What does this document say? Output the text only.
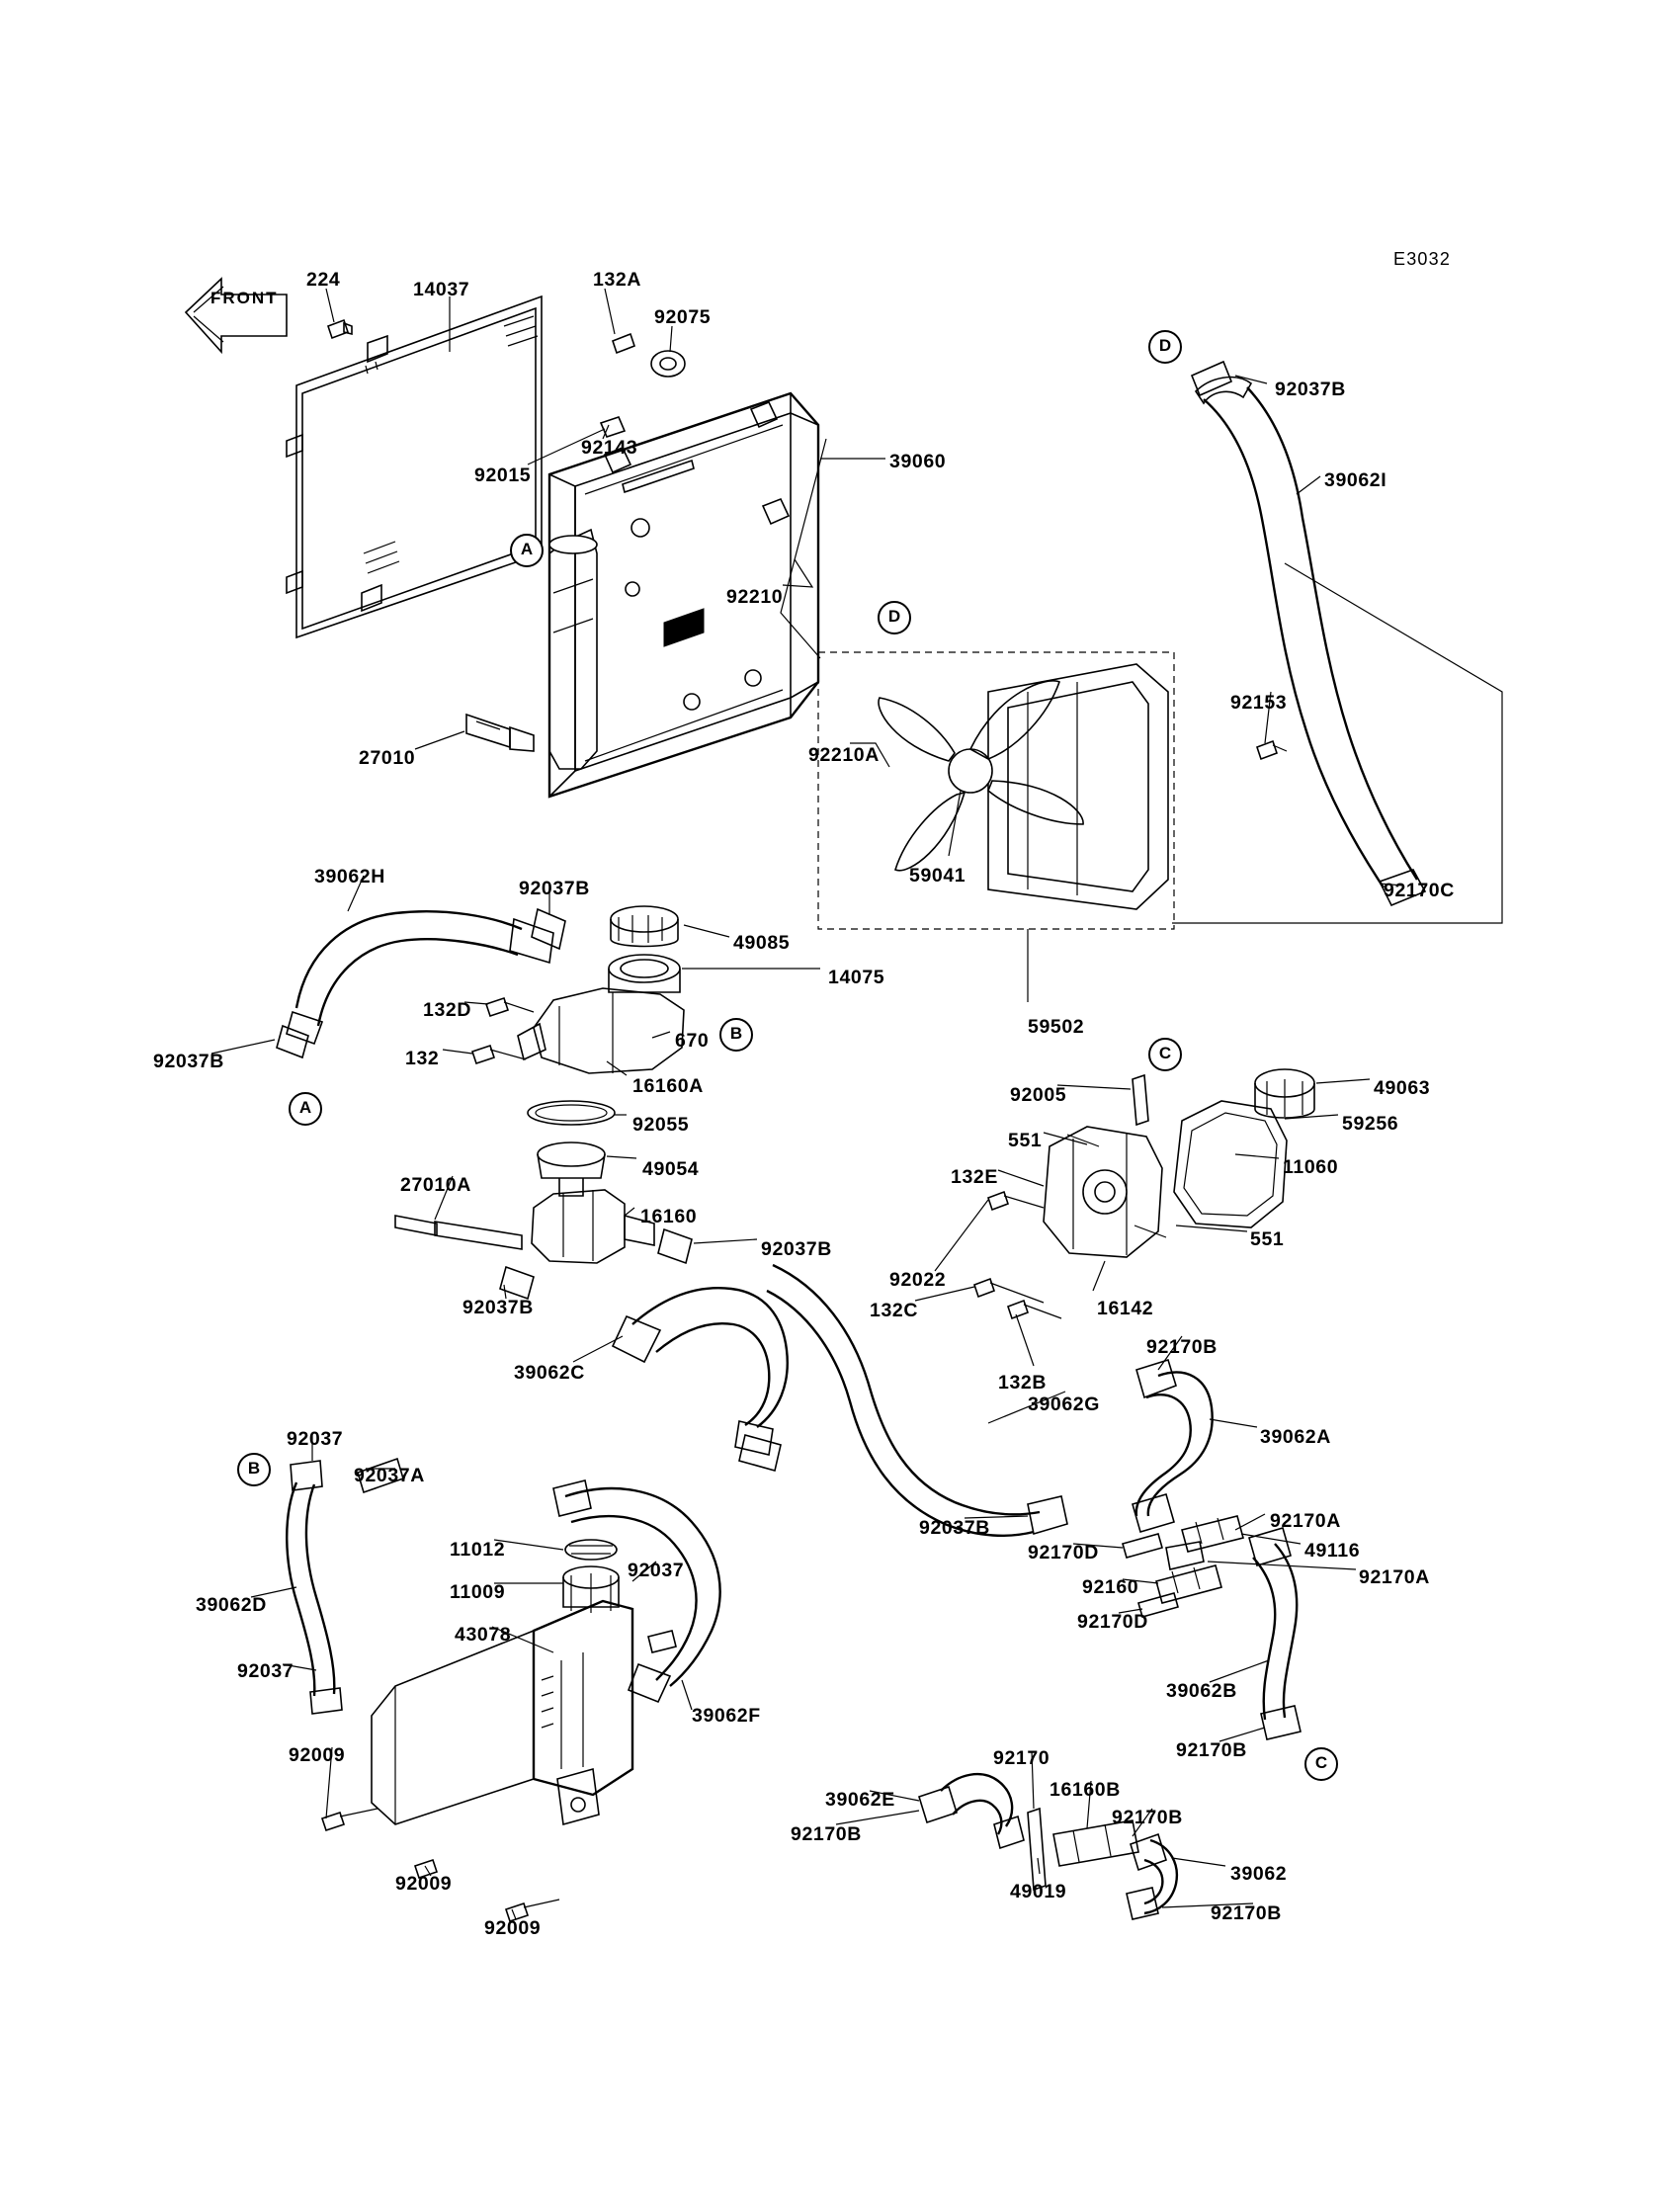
FRONT
E3032
A
A
B
B
C
C
D
D
224	14037	132A
92075
92143
92015
39060
92210
27010	92210A
59041
92153
92037B
39062I
92170C
59502
39062H
92037B
49085
14075
132D
670
132
16160A
92037B
92055
49054
27010A
16160
92037B
92037B
39062C
92005
551
132E
49063
59256
11060
551
16142
92022
132C
132B
39062G
92170B
39062A
92037B
92037
92037A
11012
11009
92037
43078
39062D
92037
92009
39062F
92009
92009
92170A
49116
92170A
92170D
92160
92170D
39062B
92170B
92170
16160B
92170B
39062E
92170B
49019
39062
92170B
